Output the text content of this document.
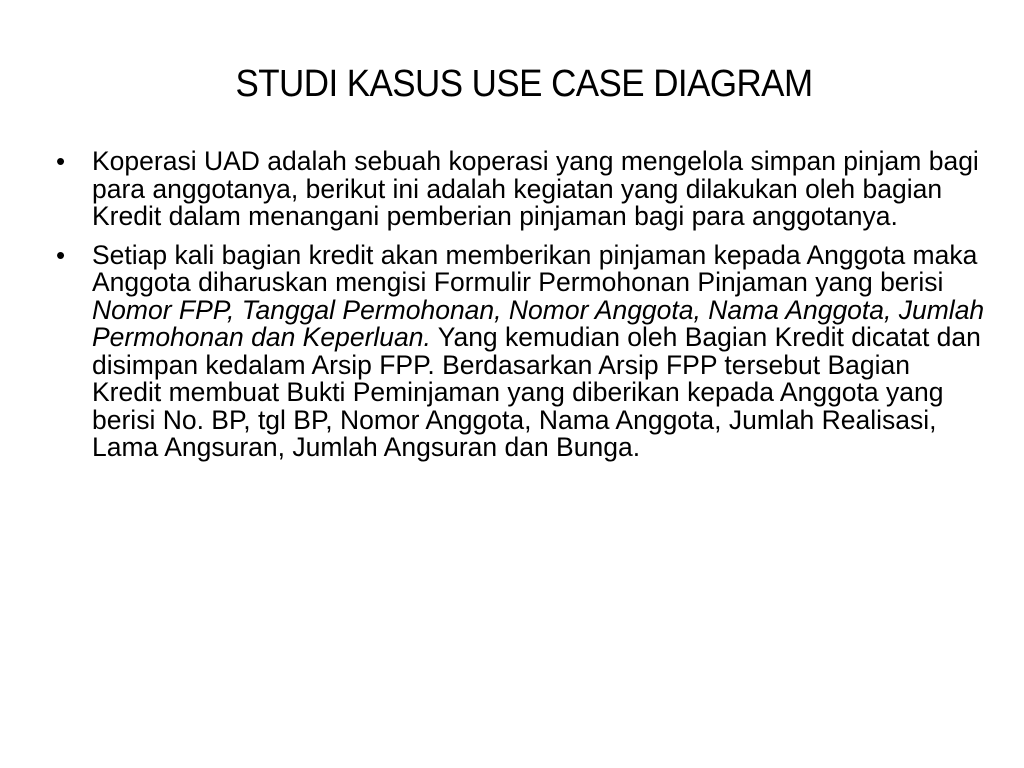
STUDI KASUS USE CASE DIAGRAM
• Koperasi UAD adalah sebuah koperasi yang mengelola simpan pinjam bagi para anggotanya, berikut ini adalah kegiatan yang dilakukan oleh bagian Kredit dalam menangani pemberian pinjaman bagi para anggotanya.
• Setiap kali bagian kredit akan memberikan pinjaman kepada Anggota maka Anggota diharuskan mengisi Formulir Permohonan Pinjaman yang berisi Nomor FPP, Tanggal Permohonan, Nomor Anggota, Nama Anggota, Jumlah Permohonan dan Keperluan. Yang kemudian oleh Bagian Kredit dicatat dan disimpan kedalam Arsip FPP. Berdasarkan Arsip FPP tersebut Bagian Kredit membuat Bukti Peminjaman yang diberikan kepada Anggota yang berisi No. BP, tgl BP, Nomor Anggota, Nama Anggota, Jumlah Realisasi, Lama Angsuran, Jumlah Angsuran dan Bunga.
